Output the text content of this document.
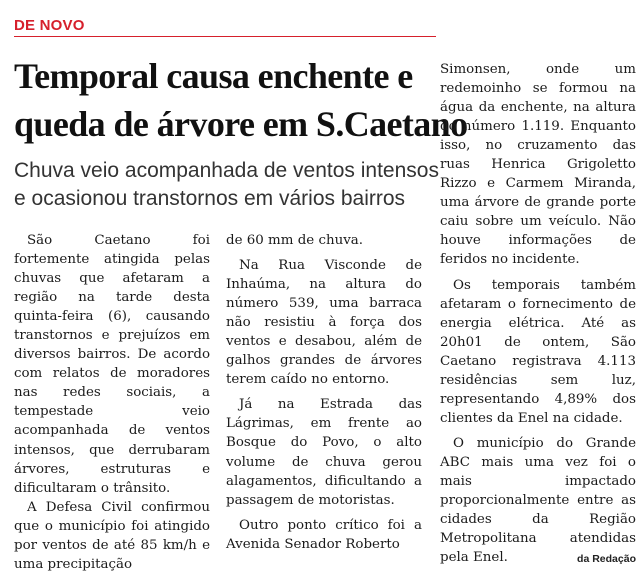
DE NOVO
Temporal causa enchente e
queda de árvore em S.Caetano
Chuva veio acompanhada de ventos intensos
e ocasionou transtornos em vários bairros

São Caetano foi fortemente atingida pelas chuvas que afetaram a região na tarde desta quinta-feira (6), causando transtornos e prejuízos em diversos bairros. De acordo com relatos de moradores nas redes sociais, a tempestade veio acompanhada de ventos intensos, que derrubaram árvores, estruturas e dificultaram o trânsito.

A Defesa Civil confirmou que o município foi atingido por ventos de até 85 km/h e uma precipitação

de 60 mm de chuva.

Na Rua Visconde de Inhaúma, na altura do número 539, uma barraca não resistiu à força dos ventos e desabou, além de galhos grandes de árvores terem caído no entorno.

Já na Estrada das Lágrimas, em frente ao Bosque do Povo, o alto volume de chuva gerou alagamentos, dificultando a passagem de motoristas.

Outro ponto crítico foi a Avenida Senador Roberto

Simonsen, onde um redemoinho se formou na água da enchente, na altura do número 1.119. Enquanto isso, no cruzamento das ruas Henrica Grigoletto Rizzo e Carmem Miranda, uma árvore de grande porte caiu sobre um veículo. Não houve informações de feridos no incidente.

Os temporais também afetaram o fornecimento de energia elétrica. Até as 20h01 de ontem, São Caetano registrava 4.113 residências sem luz, representando 4,89% dos clientes da Enel na cidade.

O município do Grande ABC mais uma vez foi o mais impactado proporcionalmente entre as cidades da Região Metropolitana atendidas pela Enel.	da Redação
